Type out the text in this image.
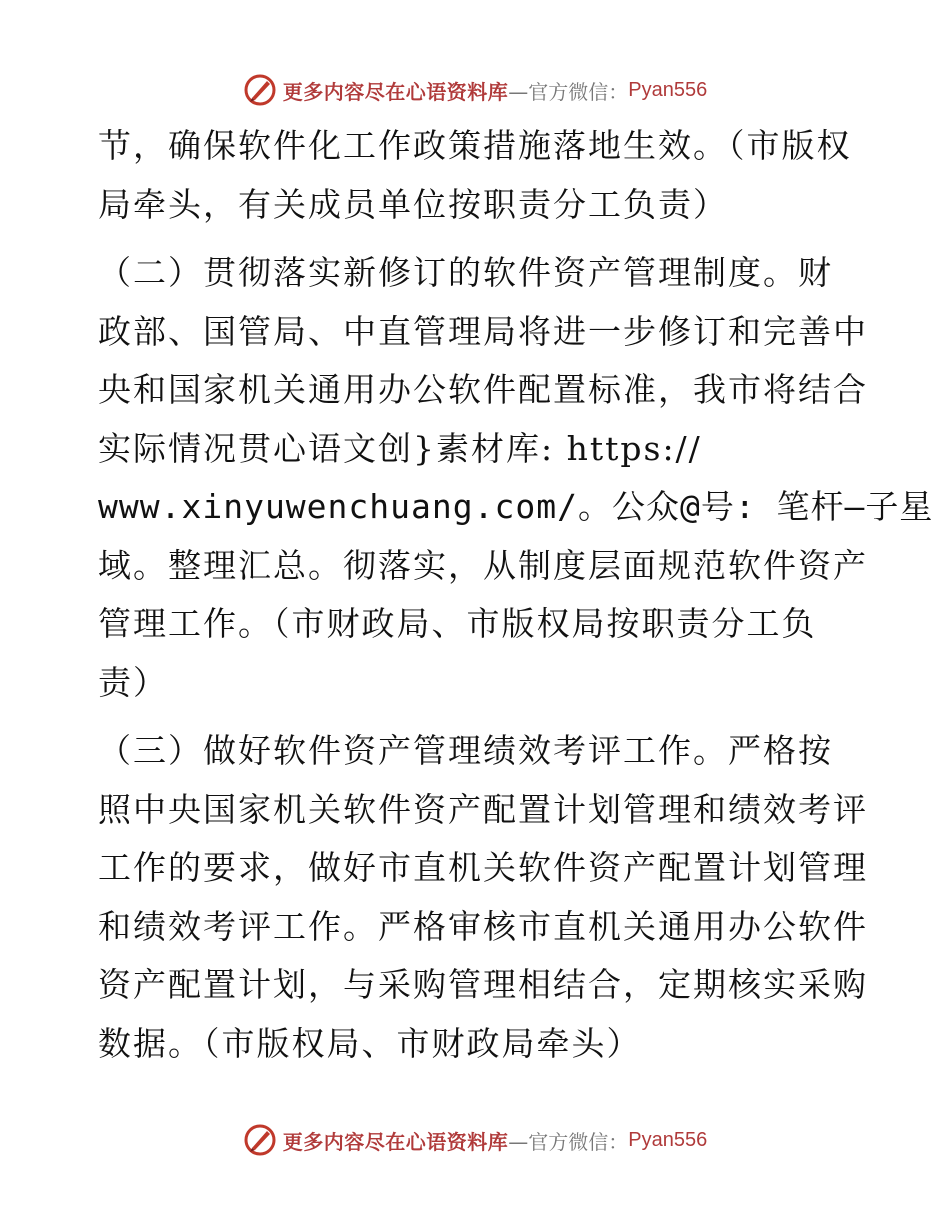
更多内容尽在心语资料库 —官方微信： Pyan556
节，确保软件化工作政策措施落地生效。（市版权
局牵头，有关成员单位按职责分工负责）
（二）贯彻落实新修订的软件资产管理制度。财
政部、国管局、中直管理局将进一步修订和完善中
央和国家机关通用办公软件配置标准，我市将结合
实际情况贯心语文创}素材库: https://
www.xinyuwenchuang.com/。公众@号: 笔杆—子星
域。整理汇总。彻落实，从制度层面规范软件资产
管理工作。（市财政局、市版权局按职责分工负
责）
（三）做好软件资产管理绩效考评工作。严格按
照中央国家机关软件资产配置计划管理和绩效考评
工作的要求，做好市直机关软件资产配置计划管理
和绩效考评工作。严格审核市直机关通用办公软件
资产配置计划，与采购管理相结合，定期核实采购
数据。（市版权局、市财政局牵头）
更多内容尽在心语资料库 —官方微信： Pyan556
